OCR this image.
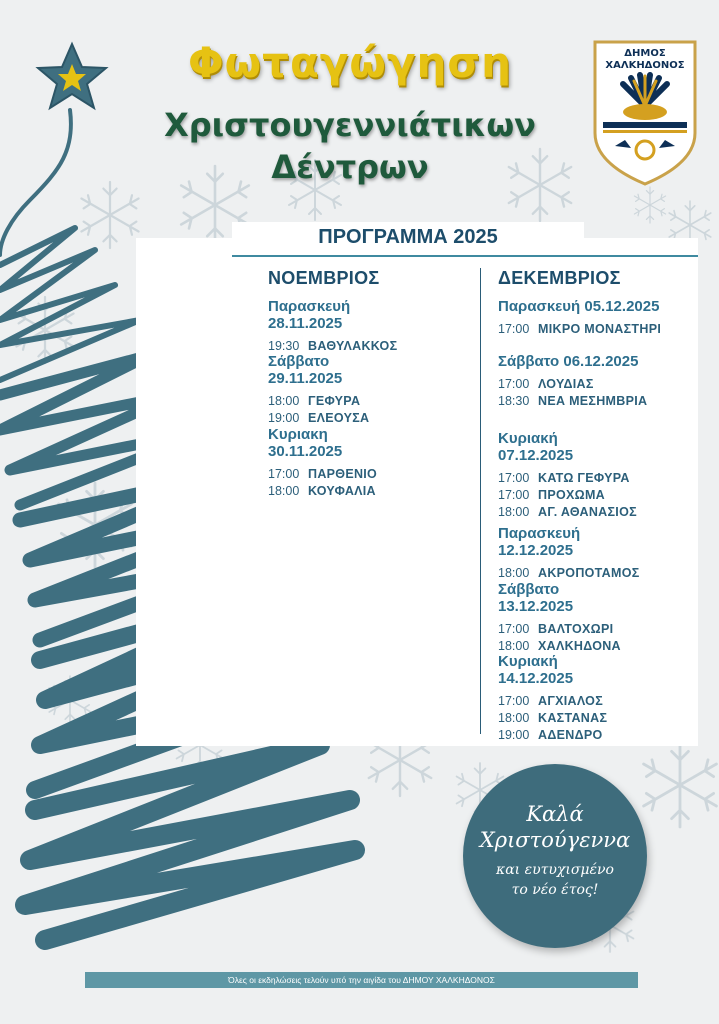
Φωταγώγηση
Χριστουγεννιάτικων
Δέντρων
ΔΗΜΟΣ
ΧΑΛΚΗΔΟΝΟΣ
ΠΡΟΓΡΑΜΜΑ 2025
ΝΟΕΜΒΡΙΟΣ
Παρασκευή 28.11.2025
19:30 ΒΑΘΥΛΑΚΚΟΣ
Σάββατο 29.11.2025
18:00 ΓΕΦΥΡΑ
19:00 ΕΛΕΟΥΣΑ
Κυριακη 30.11.2025
17:00 ΠΑΡΘΕΝΙΟ
18:00 ΚΟΥΦΑΛΙΑ
ΔΕΚΕΜΒΡΙΟΣ
Παρασκευή 05.12.2025
17:00 ΜΙΚΡΟ ΜΟΝΑΣΤΗΡΙ
Σάββατο 06.12.2025
17:00 ΛΟΥΔΙΑΣ
18:30 ΝΕΑ ΜΕΣΗΜΒΡΙΑ
Κυριακή 07.12.2025
17:00 ΚΑΤΩ ΓΕΦΥΡΑ
17:00 ΠΡΟΧΩΜΑ
18:00 ΑΓ. ΑΘΑΝΑΣΙΟΣ
Παρασκευή 12.12.2025
18:00 ΑΚΡΟΠΟΤΑΜΟΣ
Σάββατο 13.12.2025
17:00 ΒΑΛΤΟΧΩΡΙ
18:00 ΧΑΛΚΗΔΟΝΑ
Κυριακή 14.12.2025
17:00 ΑΓΧΙΑΛΟΣ
18:00 ΚΑΣΤΑΝΑΣ
19:00 ΑΔΕΝΔΡΟ
Καλά
Χριστούγεννα
και ευτυχισμένο
το νέο έτος!
Όλες οι εκδηλώσεις τελούν υπό την αιγίδα του ΔΗΜΟΥ ΧΑΛΚΗΔΟΝΟΣ
